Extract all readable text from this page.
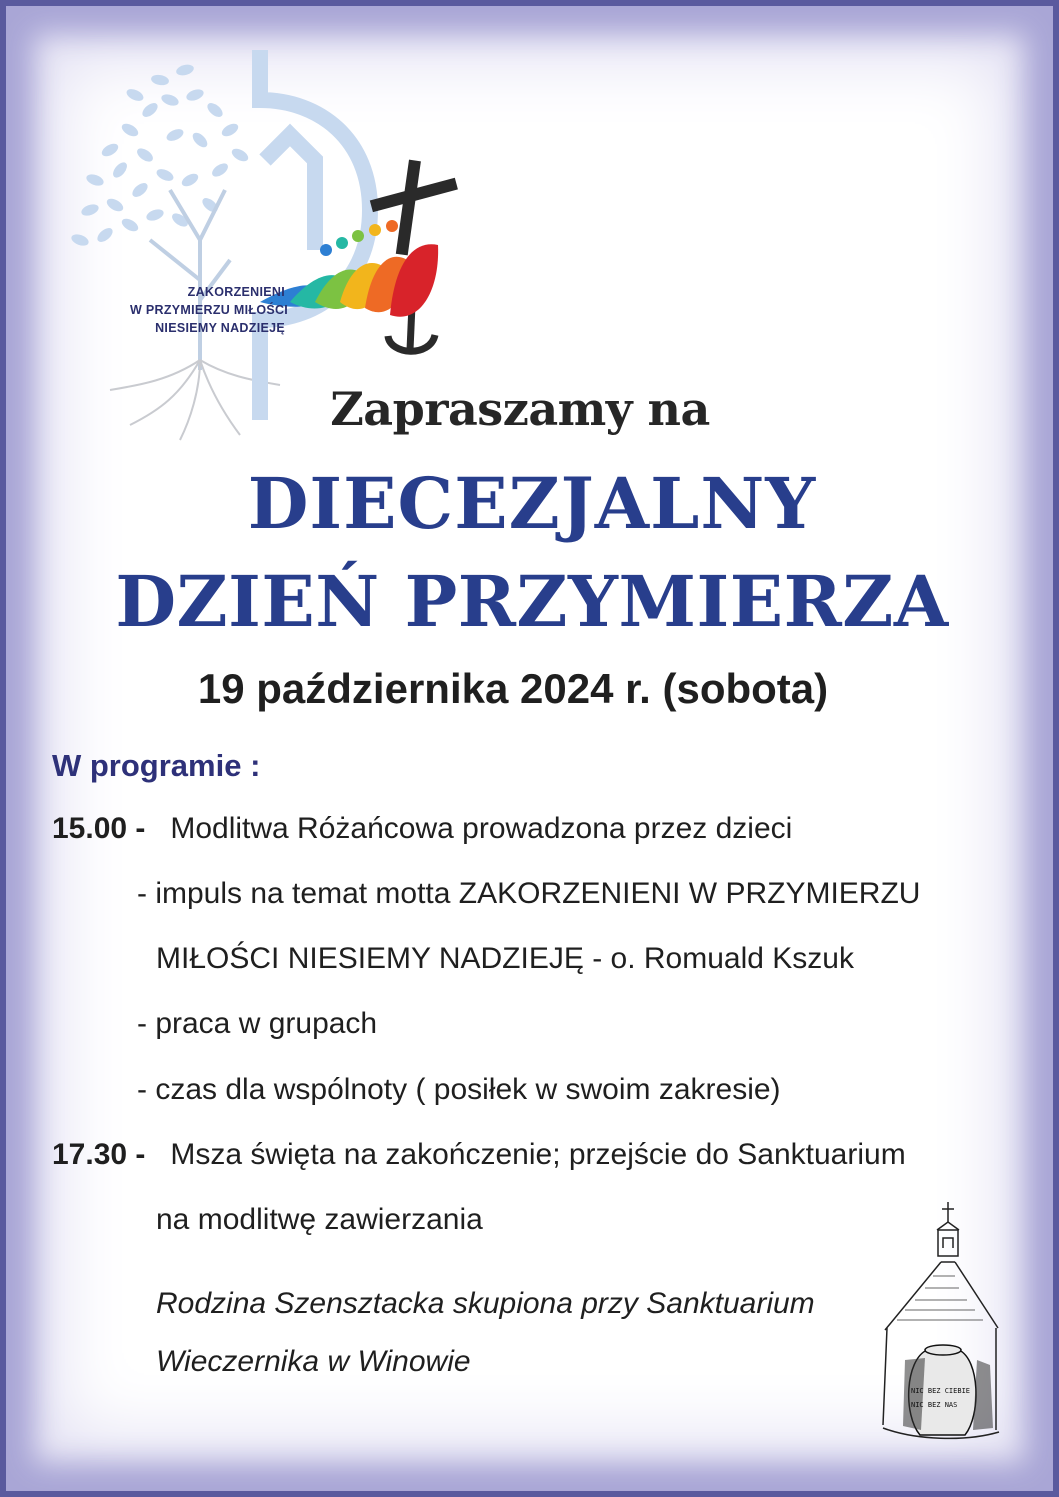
ZAKORZENIENI
W PRZYMIERZU MIŁOŚCI
NIESIEMY NADZIEJĘ
Zapraszamy na
DIECEZJALNY
DZIEŃ PRZYMIERZA
19 października 2024 r. (sobota)
W programie :
15.00 - Modlitwa Różańcowa prowadzona przez dzieci
- impuls na temat motta ZAKORZENIENI W PRZYMIERZU
MIŁOŚCI NIESIEMY NADZIEJĘ - o. Romuald Kszuk
- praca w grupach
- czas dla wspólnoty ( posiłek w swoim zakresie)
17.30 - Msza święta na zakończenie; przejście do Sanktuarium
na modlitwę zawierzania
Rodzina Szensztacka skupiona przy Sanktuarium
Wieczernika w Winowie
NIC BEZ CIEBIE
NIC BEZ NAS
